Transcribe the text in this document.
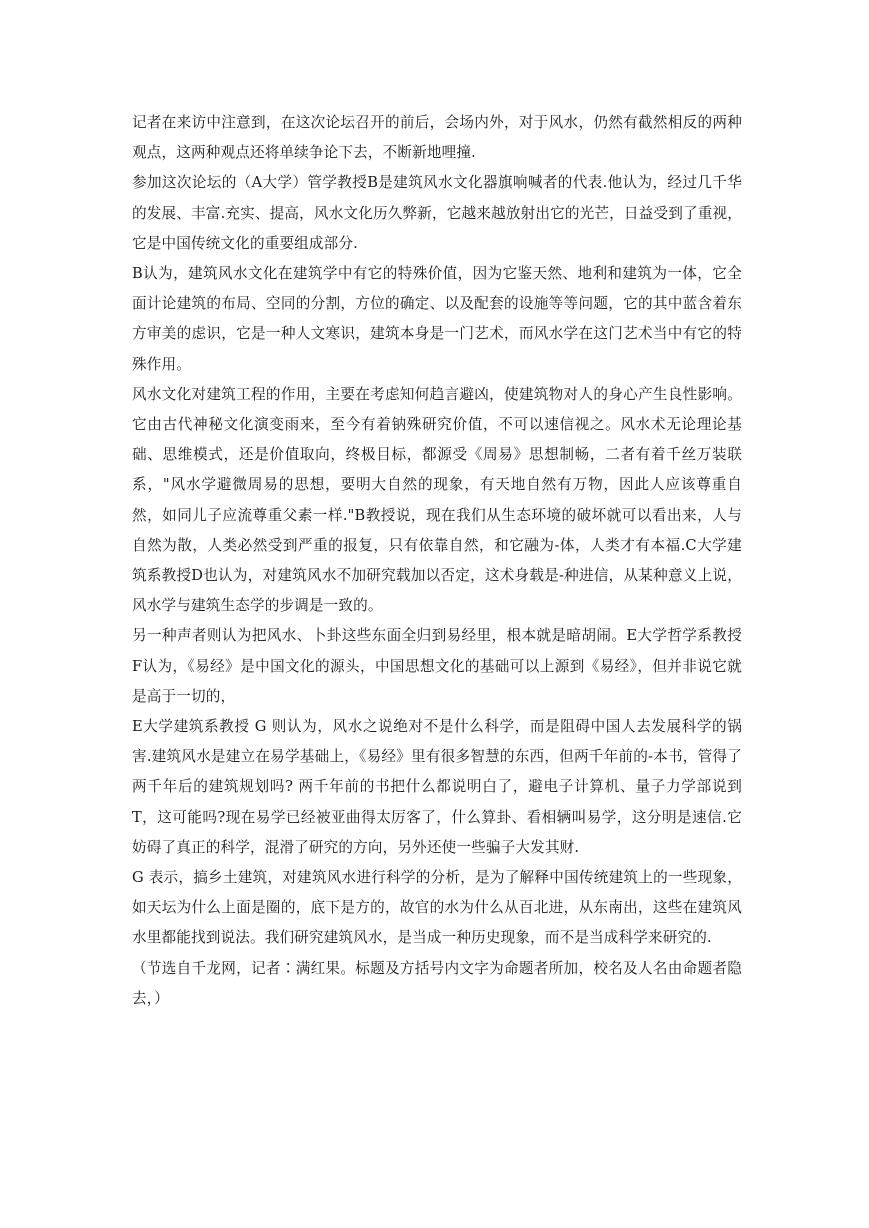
记者在来访中注意到，在这次论坛召开的前后，会场内外，对于风水，仍然有截然相反的两种观点，这两种观点还将单续争论下去，不断新地哩撞.

参加这次论坛的（A大学）管学教授B是建筑风水文化器旗响喊者的代表.他认为，经过几千华的发展、丰富.充实、提高，风水文化历久弊新，它越来越放射出它的光芒，日益受到了重视，它是中国传统文化的重要组成部分.

B认为，建筑风水文化在建筑学中有它的特殊价值，因为它鉴天然、地利和建筑为一体，它全面计论建筑的布局、空同的分割，方位的确定、以及配套的设施等等问题，它的其中蓝含着东方审美的虑识，它是一种人文寒识，建筑本身是一门艺术，而风水学在这门艺术当中有它的特殊作用。

风水文化对建筑工程的作用，主要在考虑知何趋言避凶，使建筑物对人的身心产生良性影响。它由古代神秘文化演变雨来，至今有着钠殊研究价值，不可以速信视之。风水术无论理论基础、思维模式，还是价值取向，终极目标，都源受《周易》思想制畅，二者有着千丝万装联系，"风水学避微周易的思想，要明大自然的现象，有天地自然有万物，因此人应该尊重自然，如同儿子应流尊重父素一样."B教授说，现在我们从生态环境的破坏就可以看出来，人与自然为散，人类必然受到严重的报复，只有依靠自然，和它融为-体，人类才有本福.C大学建筑系教授D也认为，对建筑风水不加研究载加以否定，这术身载是-种进信，从某种意义上说，风水学与建筑生态学的步调是一致的。

另一种声者则认为把风水、卜卦这些东面全归到易经里，根本就是暗胡闹。E大学哲学系教授F认为，《易经》是中国文化的源头，中国思想文化的基础可以上源到《易经》，但并非说它就是高于一切的，

E大学建筑系教授 G 则认为，风水之说绝对不是什么科学，而是阻碍中国人去发展科学的锅害.建筑风水是建立在易学基础上，《易经》里有很多智慧的东西，但两千年前的-本书，管得了两千年后的建筑规划吗? 两千年前的书把什么都说明白了，避电子计算机、量子力学部说到T，这可能吗?现在易学已经被亚曲得太厉客了，什么算卦、看相辆叫易学，这分明是速信.它妨碍了真正的科学，混滑了研究的方向，另外还使一些骗子大发其财.

G 表示，搞乡土建筑，对建筑风水进行科学的分析，是为了解释中国传统建筑上的一些现象，如天坛为什么上面是圈的，底下是方的，故官的水为什么从百北进，从东南出，这些在建筑风水里都能找到说法。我们研究建筑风水，是当成一种历史现象，而不是当成科学来研究的.

（节选自千龙网，记者∶满红果。标题及方括号内文字为命题者所加，校名及人名由命题者隐去，）
